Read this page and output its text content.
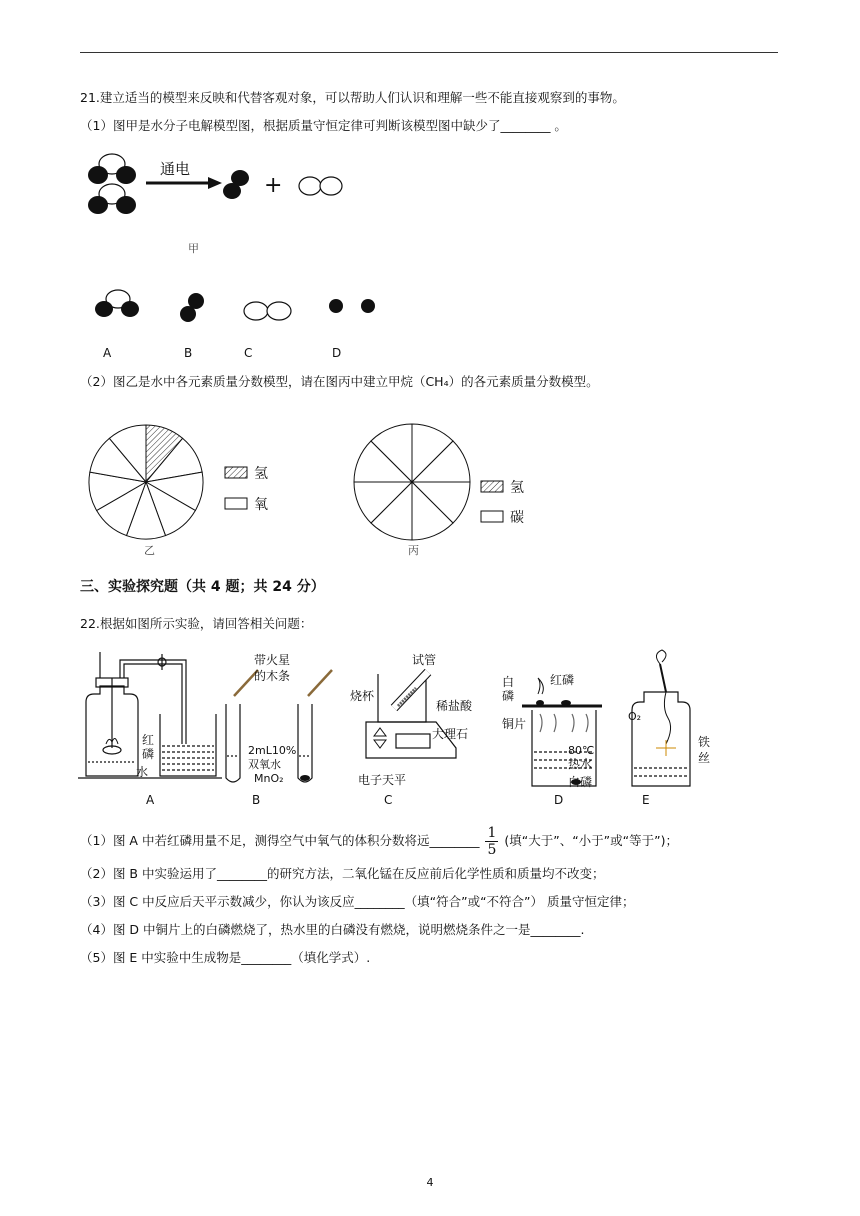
21.建立适当的模型来反映和代替客观对象，可以帮助人们认识和理解一些不能直接观察到的事物。
（1）图甲是水分子电解模型图，根据质量守恒定律可判断该模型图中缺少了________ 。
通电
+
甲
A	B	C	D
（2）图乙是水中各元素质量分数模型，请在图丙中建立甲烷（CH₄）的各元素质量分数模型。
氢
氧
乙
氢
碳
丙
三、实验探究题（共 4 题；共 24 分）
22.根据如图所示实验，请回答相关问题：
红
磷
水
A
带火星
的木条
2mL10%
双氧水
MnO₂
B
试管
烧杯
稀盐酸
大理石
电子天平
C
白
磷
红磷
铜片
80℃
热水
白磷
D
O₂
铁
丝
E
（1）图 A 中若红磷用量不足，测得空气中氧气的体积分数将远________ $\frac{1}{5}$ (填“大于”、“小于”或“等于”)；
（2）图 B 中实验运用了________的研究方法，二氧化锰在反应前后化学性质和质量均不改变；
（3）图 C 中反应后天平示数减少，你认为该反应________（填“符合”或“不符合”） 质量守恒定律；
（4）图 D 中铜片上的白磷燃烧了，热水里的白磷没有燃烧，说明燃烧条件之一是________.
（5）图 E 中实验中生成物是________（填化学式）.
4
